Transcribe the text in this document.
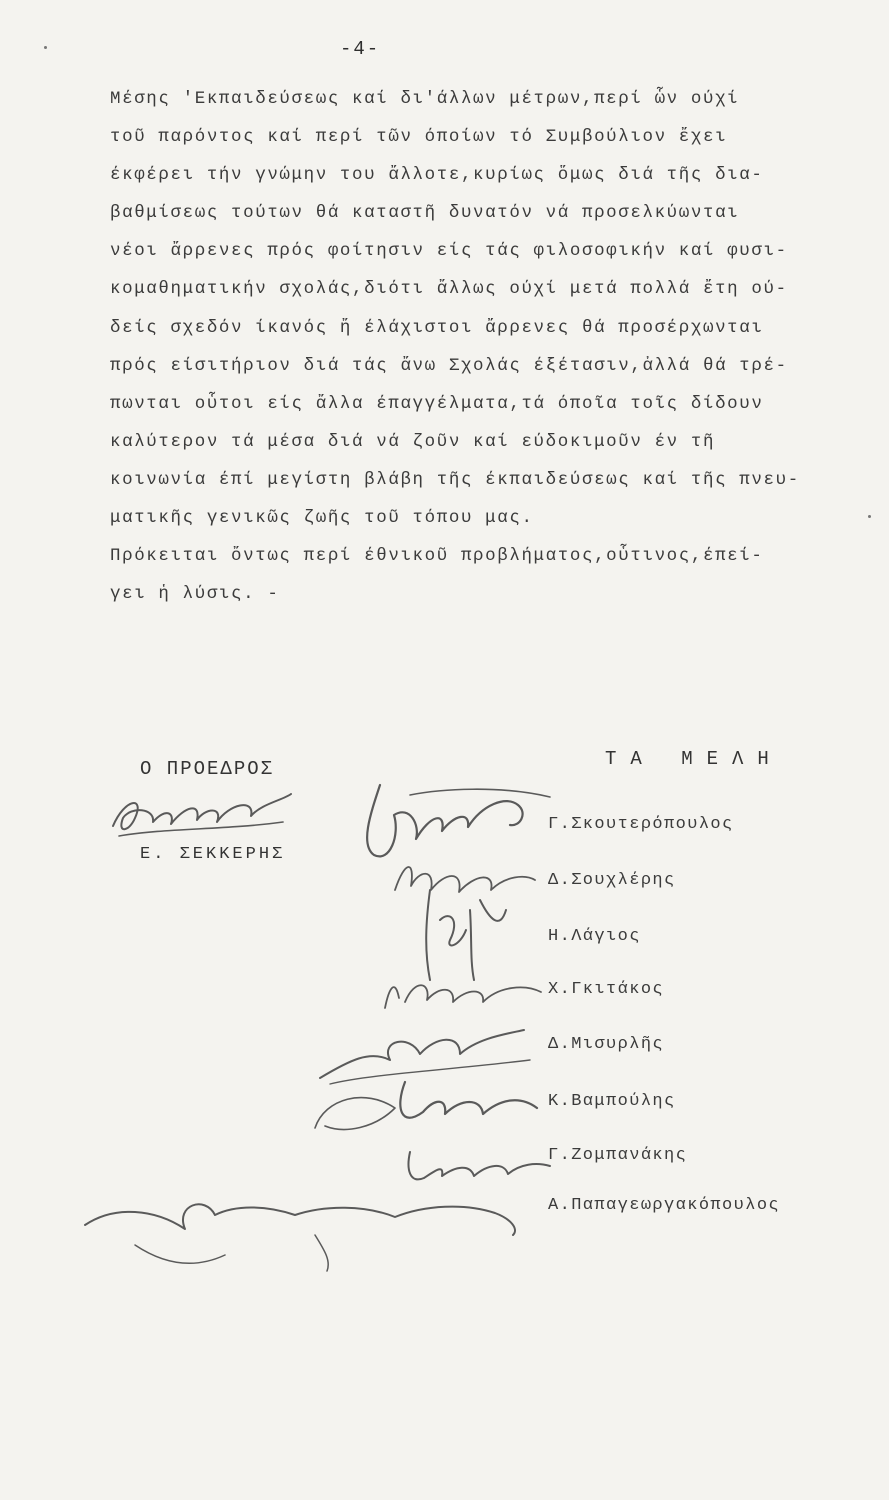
-4-
Μέσης 'Εκπαιδεύσεως καί δι'άλλων μέτρων,περί ὧν ούχί
τοῦ παρόντος καί περί τῶν όποίων τό Συμβούλιον ἔχει
έκφέρει τήν γνώμην του ἄλλοτε,κυρίως ὅμως διά τῆς δια-
βαθμίσεως τούτων θά καταστῆ δυνατόν νά προσελκύωνται
νέοι ἄρρενες πρός φοίτησιν είς τάς φιλοσοφικήν καί φυσι-
κομαθηματικήν σχολάς,διότι ἄλλως ούχί μετά πολλά ἔτη ού-
δείς σχεδόν ίκανός ἤ έλάχιστοι ἄρρενες θά προσέρχωνται
πρός είσιτήριον διά τάς ἄνω Σχολάς έξέτασιν,ἀλλά θά τρέ-
πωνται οὗτοι είς ἄλλα έπαγγέλματα,τά όποῖα τοῖς δίδουν
καλύτερον τά μέσα διά νά ζοῦν καί εύδοκιμοῦν έν τῆ
κοινωνία έπί μεγίστη βλάβη τῆς έκπαιδεύσεως καί τῆς πνευ-
ματικῆς γενικῶς ζωῆς τοῦ τόπου μας.
Πρόκειται ὄντως περί έθνικοῦ προβλήματος,οὗτινος,έπεί-
γει ἡ λύσις. -
Ο ΠΡΟΕΔΡΟΣ
Ε. ΣΕΚΚΕΡΗΣ
ΤΑ ΜΕΛΗ
Γ.Σκουτερόπουλος
Δ.Σουχλέρης
Η.Λάγιος
Χ.Γκιτάκος
Δ.Μισυρλῆς
Κ.Βαμπούλης
Γ.Ζομπανάκης
Α.Παπαγεωργακόπουλος
